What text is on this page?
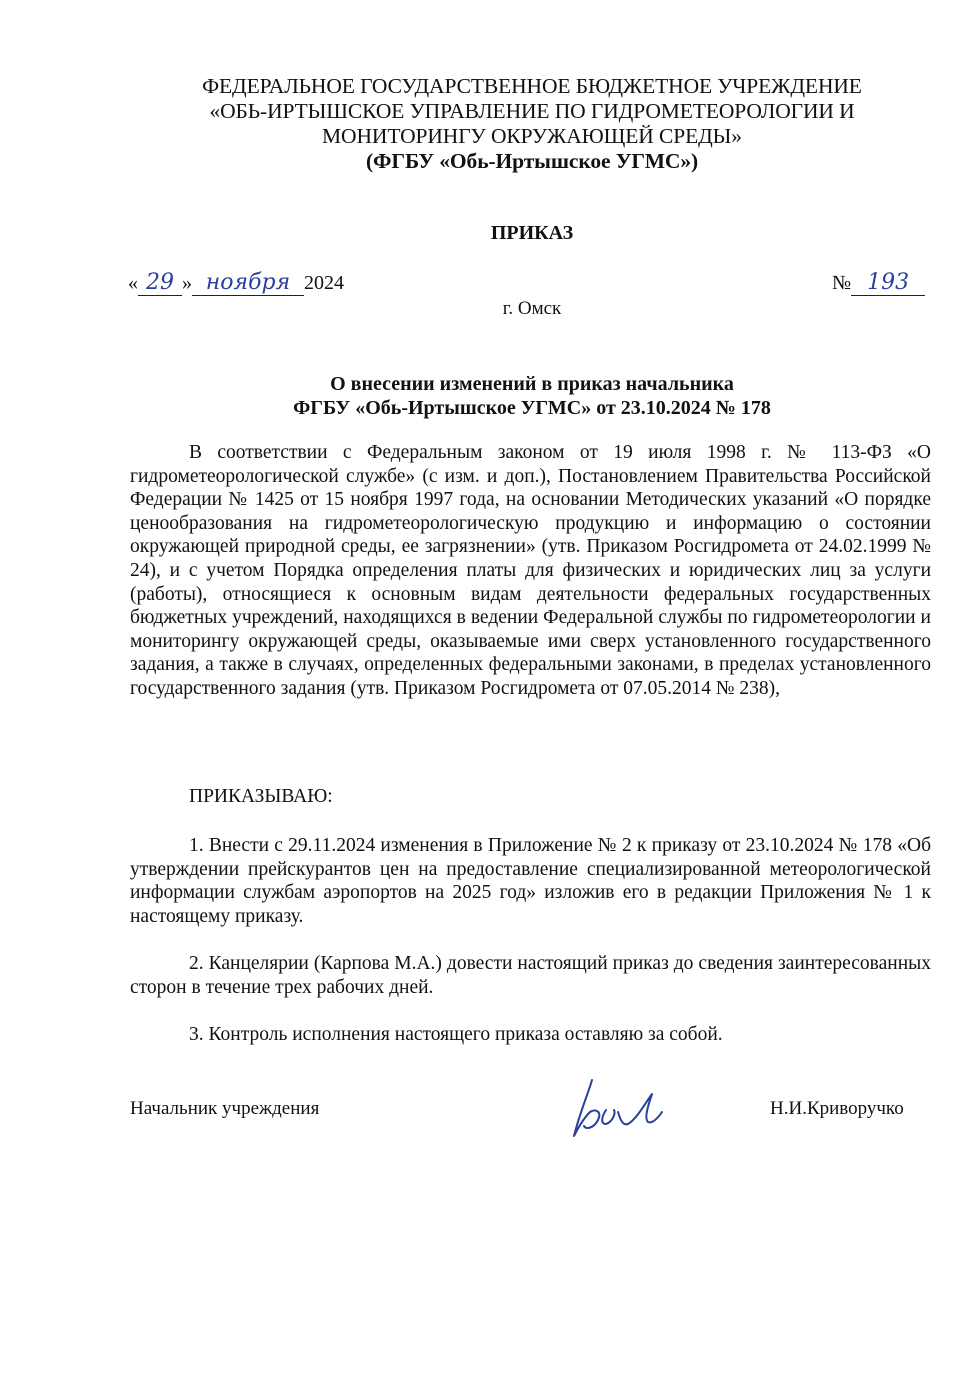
ФЕДЕРАЛЬНОЕ ГОСУДАРСТВЕННОЕ БЮДЖЕТНОЕ УЧРЕЖДЕНИЕ
«ОБЬ-ИРТЫШСКОЕ УПРАВЛЕНИЕ ПО ГИДРОМЕТЕОРОЛОГИИ И
МОНИТОРИНГУ ОКРУЖАЮЩЕЙ СРЕДЫ»
(ФГБУ «Обь-Иртышское УГМС»)
ПРИКАЗ
« 29 » ноября 2024	№ 193
г. Омск
О внесении изменений в приказ начальника
ФГБУ «Обь-Иртышское УГМС» от 23.10.2024 № 178

В соответствии с Федеральным законом от 19 июля 1998 г. № 113-ФЗ «О гидрометеорологической службе» (с изм. и доп.), Постановлением Правительства Российской Федерации № 1425 от 15 ноября 1997 года, на основании Методических указаний «О порядке ценообразования на гидрометеорологическую продукцию и информацию о состоянии окружающей природной среды, ее загрязнении» (утв. Приказом Росгидромета от 24.02.1999 № 24), и с учетом Порядка определения платы для физических и юридических лиц за услуги (работы), относящиеся к основным видам деятельности федеральных государственных бюджетных учреждений, находящихся в ведении Федеральной службы по гидрометеорологии и мониторингу окружающей среды, оказываемые ими сверх установленного государственного задания, а также в случаях, определенных федеральными законами, в пределах установленного государственного задания (утв. Приказом Росгидромета от 07.05.2014 № 238),

ПРИКАЗЫВАЮ:

1. Внести с 29.11.2024 изменения в Приложение № 2 к приказу от 23.10.2024 № 178 «Об утверждении прейскурантов цен на предоставление специализированной метеорологической информации службам аэропортов на 2025 год» изложив его в редакции Приложения № 1 к настоящему приказу.

2. Канцелярии (Карпова М.А.) довести настоящий приказ до сведения заинтересованных сторон в течение трех рабочих дней.

3. Контроль исполнения настоящего приказа оставляю за собой.

Начальник учреждения	Н.И.Криворучко
